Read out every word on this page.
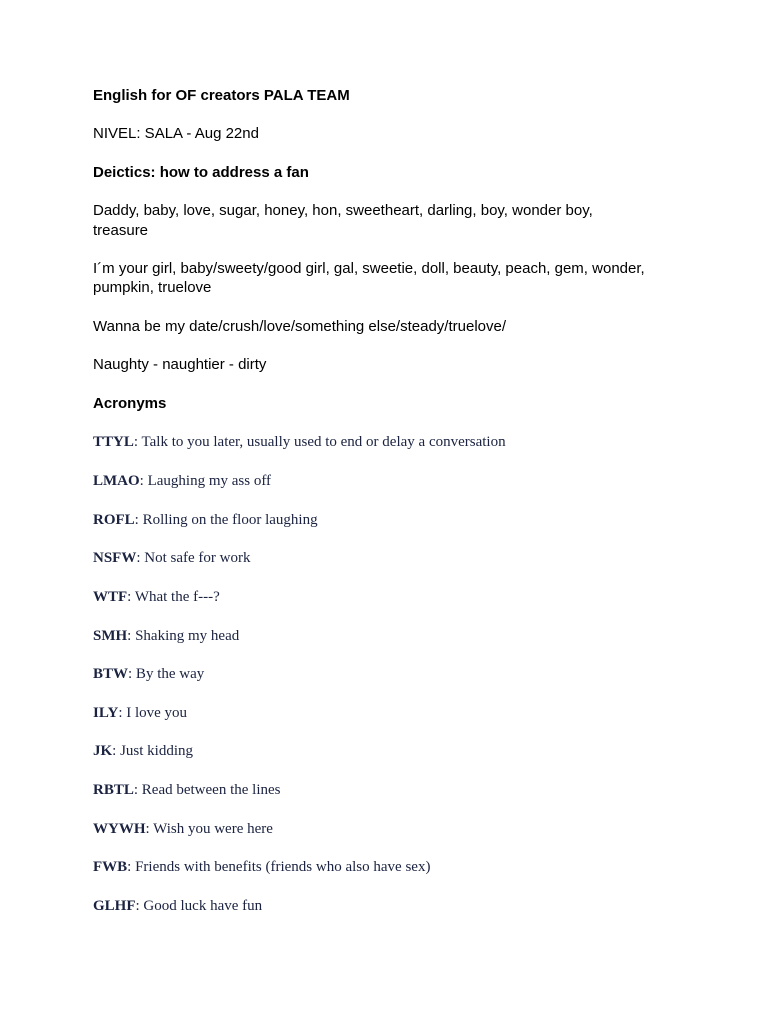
English for OF creators PALA TEAM

NIVEL: SALA - Aug 22nd

Deictics: how to address a fan

Daddy, baby, love, sugar, honey, hon, sweetheart, darling, boy, wonder boy,

treasure

I´m your girl, baby/sweety/good girl, gal, sweetie, doll, beauty, peach, gem, wonder,

pumpkin, truelove

Wanna be my date/crush/love/something else/steady/truelove/

Naughty - naughtier - dirty

Acronyms

TTYL: Talk to you later, usually used to end or delay a conversation

LMAO: Laughing my ass off

ROFL: Rolling on the floor laughing

NSFW: Not safe for work

WTF: What the f---?

SMH: Shaking my head

BTW: By the way

ILY: I love you

JK: Just kidding

RBTL: Read between the lines

WYWH: Wish you were here

FWB: Friends with benefits (friends who also have sex)

GLHF: Good luck have fun
